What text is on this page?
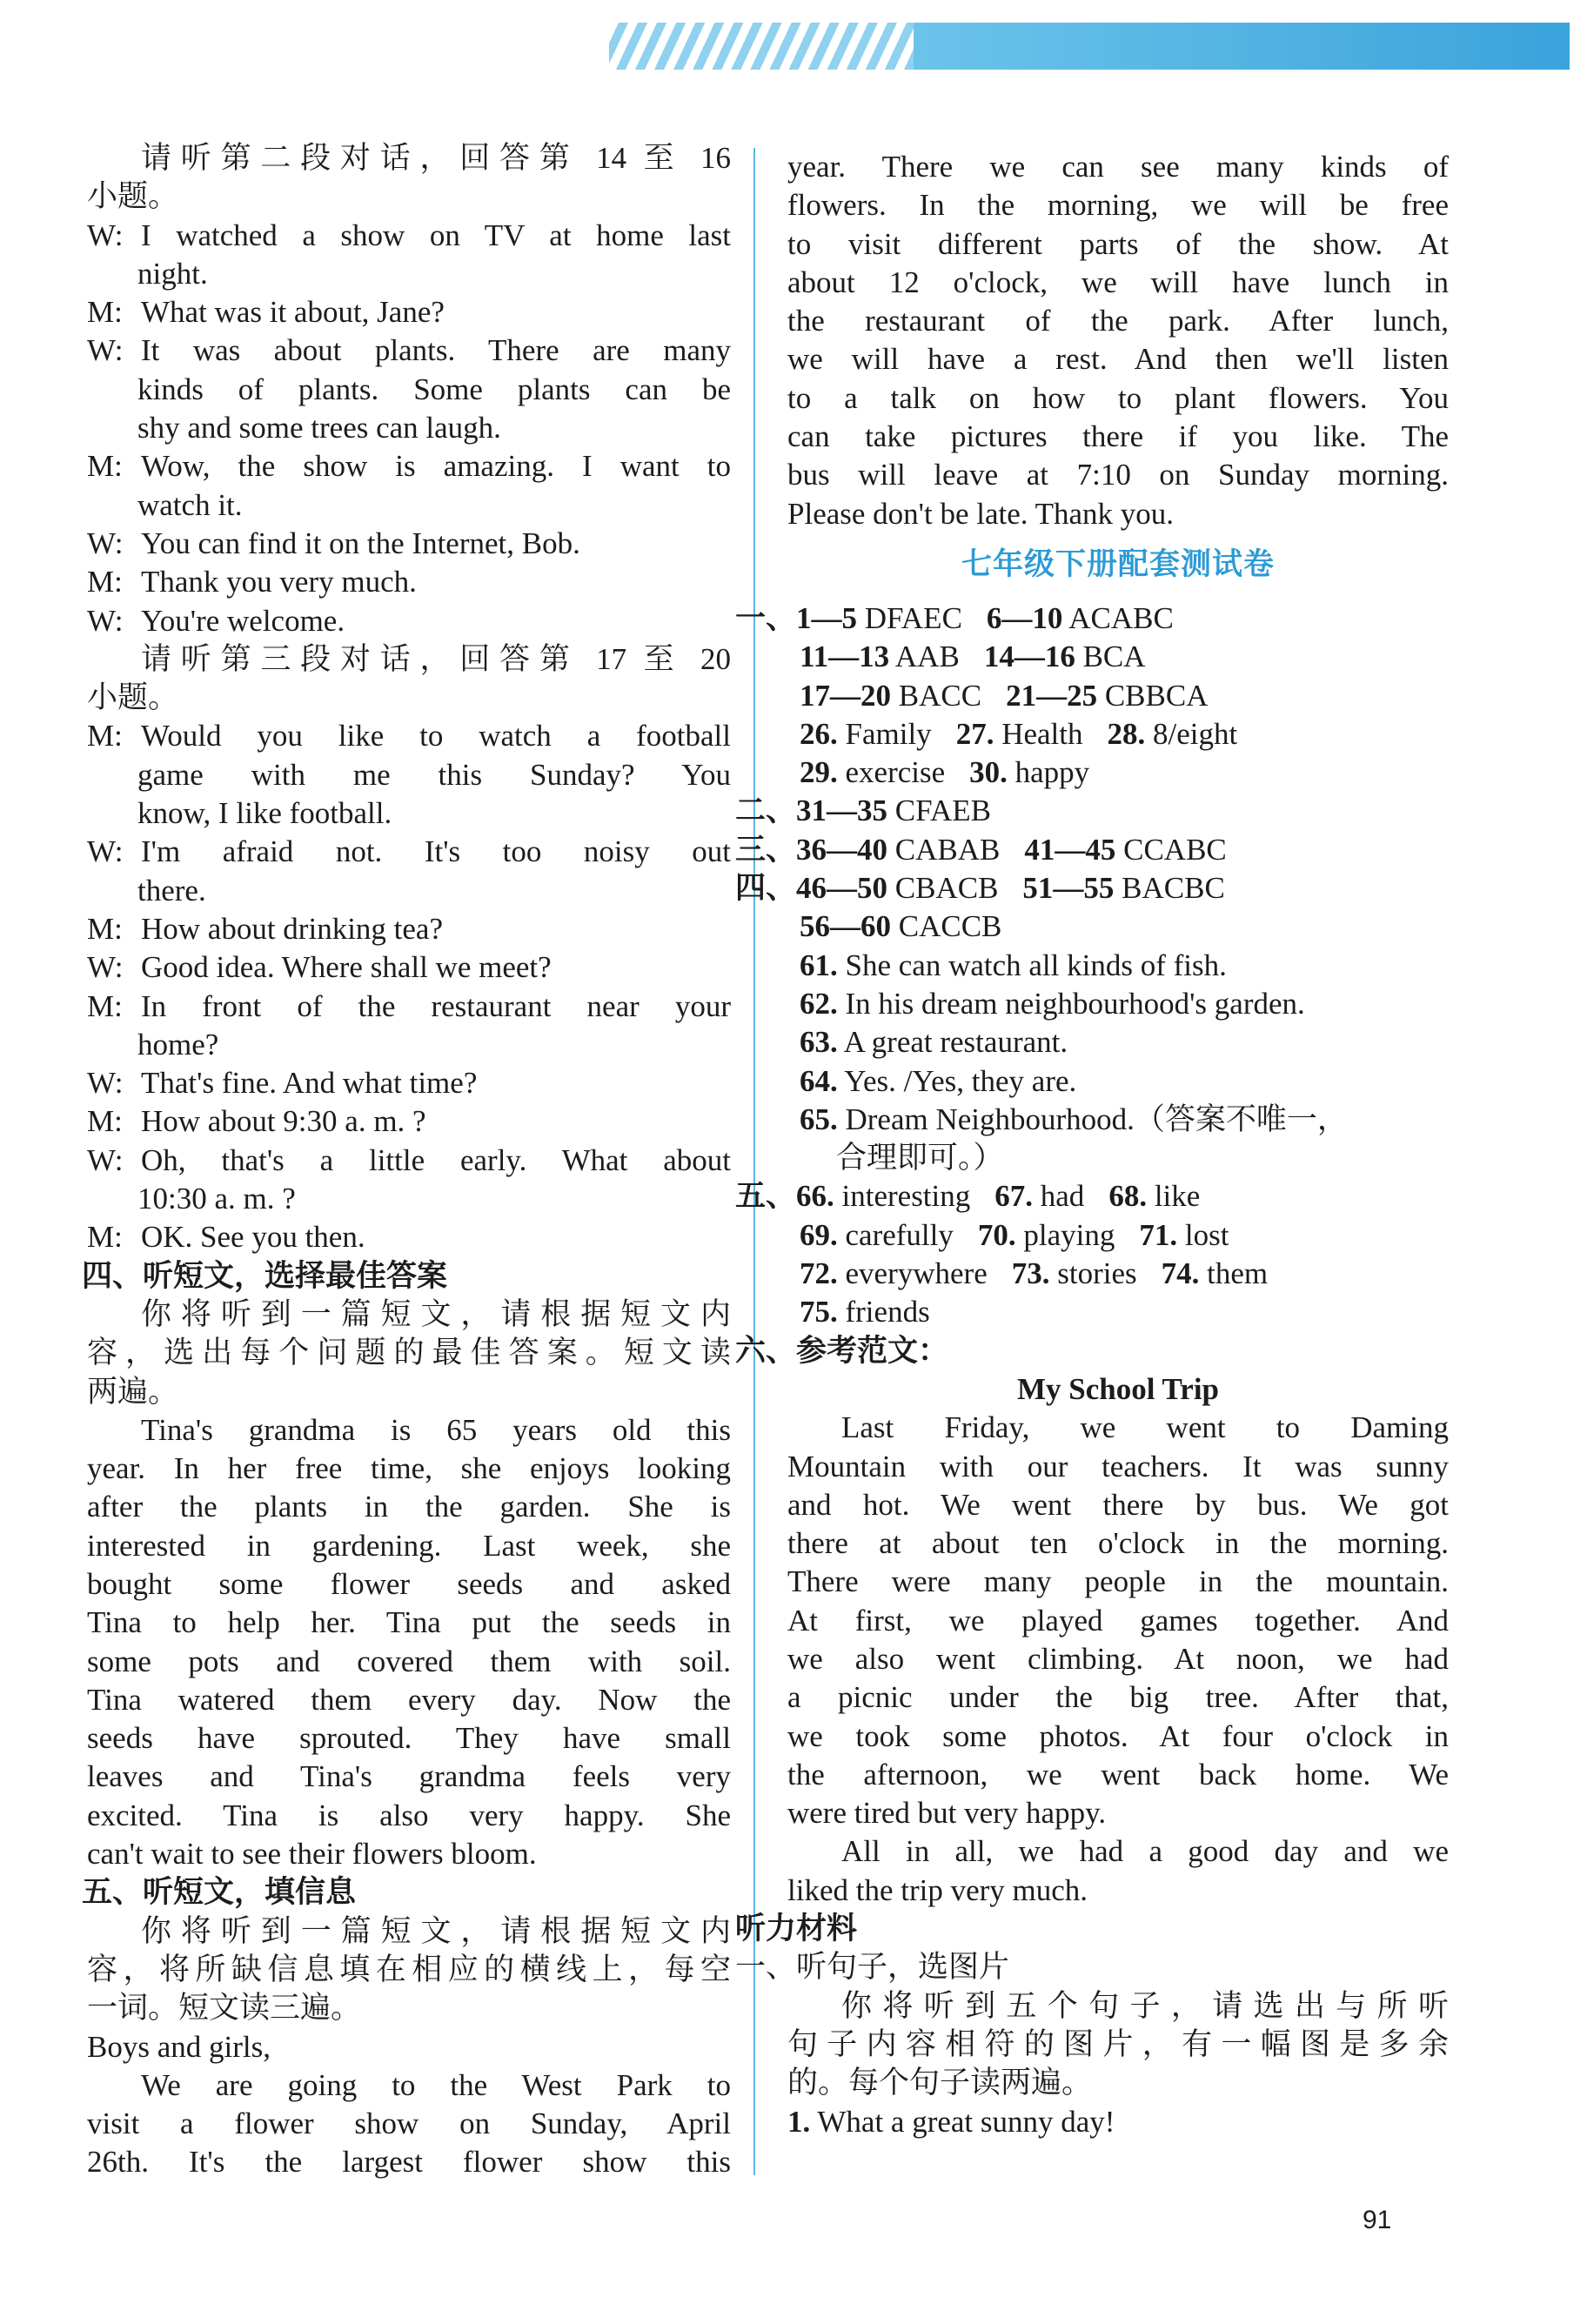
请听第二段对话，回答第 14 至 16
小题。
W: I watched a show on TV at home last
night.
M: What was it about, Jane?
W: It was about plants. There are many
kinds of plants. Some plants can be
shy and some trees can laugh.
M: Wow, the show is amazing. I want to
watch it.
W: You can find it on the Internet, Bob.
M: Thank you very much.
W: You're welcome.
请听第三段对话，回答第 17 至 20
小题。
M: Would you like to watch a football
game with me this Sunday? You
know, I like football.
W: I'm afraid not. It's too noisy out
there.
M: How about drinking tea?
W: Good idea. Where shall we meet?
M: In front of the restaurant near your
home?
W: That's fine. And what time?
M: How about 9:30 a. m. ?
W: Oh, that's a little early. What about
10:30 a. m. ?
M: OK. See you then.
四、听短文，选择最佳答案
你将听到一篇短文，请根据短文内
容，选出每个问题的最佳答案。短文读
两遍。
Tina's grandma is 65 years old this
year. In her free time, she enjoys looking
after the plants in the garden. She is
interested in gardening. Last week, she
bought some flower seeds and asked
Tina to help her. Tina put the seeds in
some pots and covered them with soil.
Tina watered them every day. Now the
seeds have sprouted. They have small
leaves and Tina's grandma feels very
excited. Tina is also very happy. She
can't wait to see their flowers bloom.
五、听短文，填信息
你将听到一篇短文，请根据短文内
容，将所缺信息填在相应的横线上，每空
一词。短文读三遍。
Boys and girls,
We are going to the West Park to
visit a flower show on Sunday, April
26th. It's the largest flower show this
year. There we can see many kinds of
flowers. In the morning, we will be free
to visit different parts of the show. At
about 12 o'clock, we will have lunch in
the restaurant of the park. After lunch,
we will have a rest. And then we'll listen
to a talk on how to plant flowers. You
can take pictures there if you like. The
bus will leave at 7:10 on Sunday morning.
Please don't be late. Thank you.
七年级下册配套测试卷
一、1—5 DFAEC 6—10 ACABC
11—13 AAB 14—16 BCA
17—20 BACC 21—25 CBBCA
26. Family 27. Health 28. 8/eight
29. exercise 30. happy
二、31—35 CFAEB
三、36—40 CABAB 41—45 CCABC
四、46—50 CBACB 51—55 BACBC
56—60 CACCB
61. She can watch all kinds of fish.
62. In his dream neighbourhood's garden.
63. A great restaurant.
64. Yes. /Yes, they are.
65. Dream Neighbourhood.（答案不唯一，
合理即可。）
五、66. interesting 67. had 68. like
69. carefully 70. playing 71. lost
72. everywhere 73. stories 74. them
75. friends
六、参考范文：
My School Trip
Last Friday, we went to Daming
Mountain with our teachers. It was sunny
and hot. We went there by bus. We got
there at about ten o'clock in the morning.
There were many people in the mountain.
At first, we played games together. And
we also went climbing. At noon, we had
a picnic under the big tree. After that,
we took some photos. At four o'clock in
the afternoon, we went back home. We
were tired but very happy.
All in all, we had a good day and we
liked the trip very much.
听力材料
一、听句子，选图片
你将听到五个句子，请选出与所听
句子内容相符的图片，有一幅图是多余
的。每个句子读两遍。
1. What a great sunny day!
91
